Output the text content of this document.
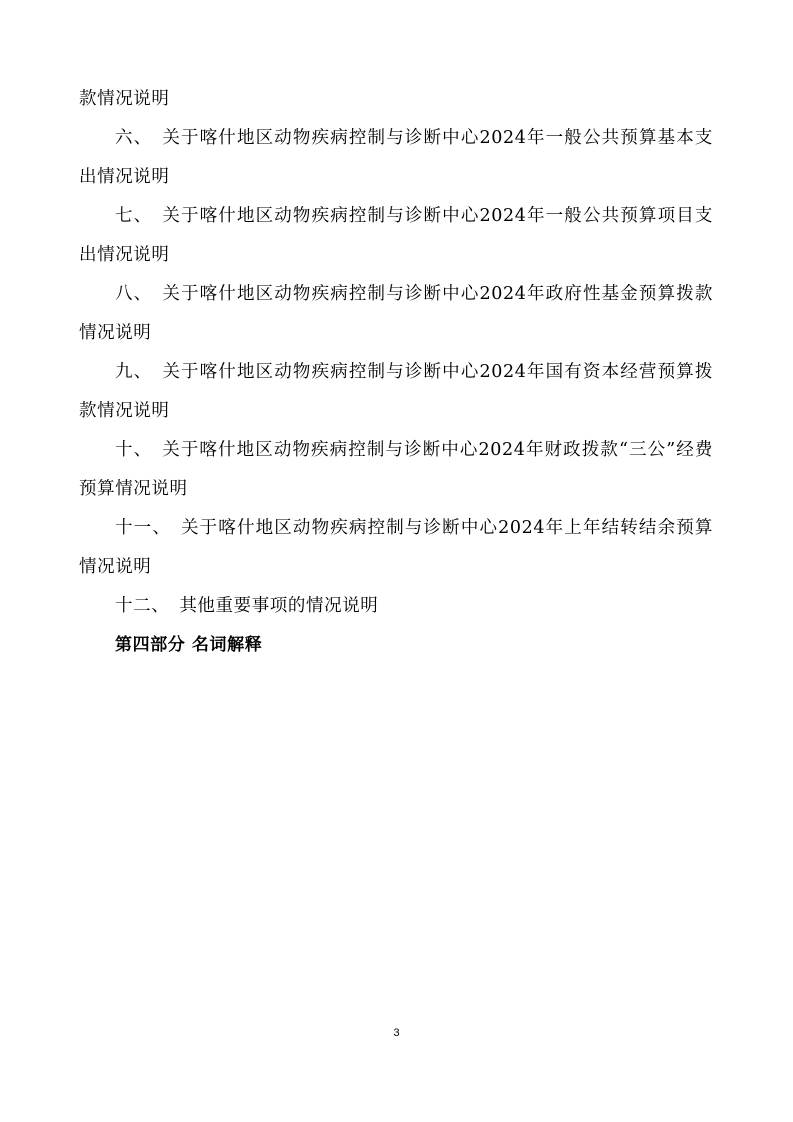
款情况说明

六、 关于喀什地区动物疾病控制与诊断中心2024年一般公共预算基本支出情况说明

七、 关于喀什地区动物疾病控制与诊断中心2024年一般公共预算项目支出情况说明

八、 关于喀什地区动物疾病控制与诊断中心2024年政府性基金预算拨款情况说明

九、 关于喀什地区动物疾病控制与诊断中心2024年国有资本经营预算拨款情况说明

十、 关于喀什地区动物疾病控制与诊断中心2024年财政拨款“三公”经费预算情况说明

十一、 关于喀什地区动物疾病控制与诊断中心2024年上年结转结余预算情况说明

十二、 其他重要事项的情况说明

第四部分 名词解释

3
